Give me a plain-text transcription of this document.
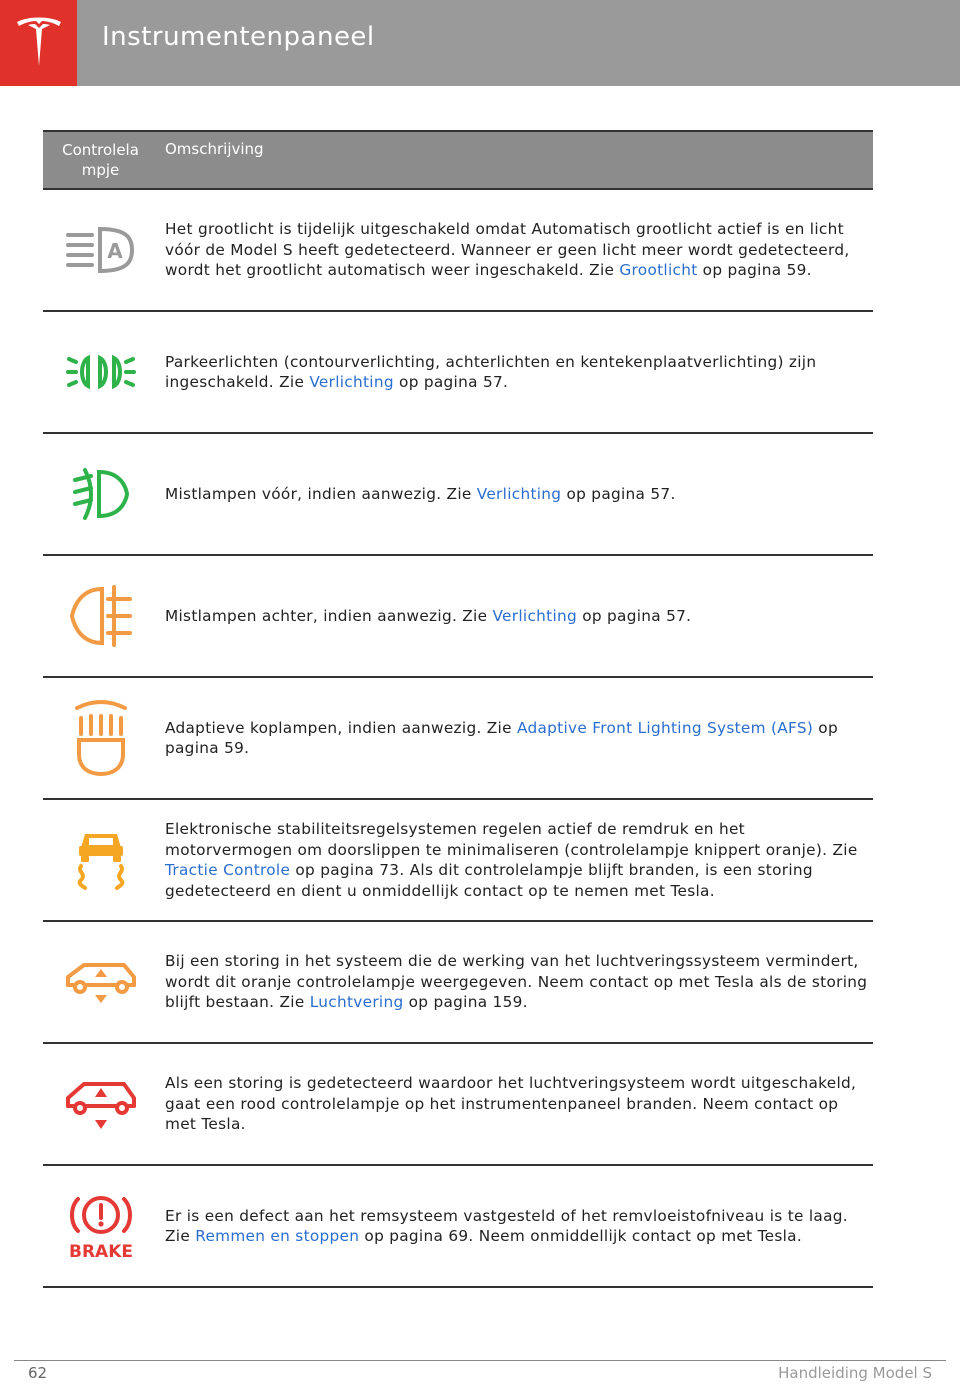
Instrumentenpaneel
Controlela
mpje
Omschrijving
A
Het grootlicht is tijdelijk uitgeschakeld omdat Automatisch grootlicht actief is en licht vóór de Model S heeft gedetecteerd. Wanneer er geen licht meer wordt gedetecteerd, wordt het grootlicht automatisch weer ingeschakeld. Zie Grootlicht op pagina 59.
Parkeerlichten (contourverlichting, achterlichten en kentekenplaatverlichting) zijn ingeschakeld. Zie Verlichting op pagina 57.
Mistlampen vóór, indien aanwezig. Zie Verlichting op pagina 57.
Mistlampen achter, indien aanwezig. Zie Verlichting op pagina 57.
Adaptieve koplampen, indien aanwezig. Zie Adaptive Front Lighting System (AFS) op pagina 59.
Elektronische stabiliteitsregelsystemen regelen actief de remdruk en het motorvermogen om doorslippen te minimaliseren (controlelampje knippert oranje). Zie Tractie Controle op pagina 73. Als dit controlelampje blijft branden, is een storing gedetecteerd en dient u onmiddellijk contact op te nemen met Tesla.
Bij een storing in het systeem die de werking van het luchtveringssysteem vermindert, wordt dit oranje controlelampje weergegeven. Neem contact op met Tesla als de storing blijft bestaan. Zie Luchtvering op pagina 159.
Als een storing is gedetecteerd waardoor het luchtveringsysteem wordt uitgeschakeld, gaat een rood controlelampje op het instrumentenpaneel branden. Neem contact op met Tesla.
BRAKE
Er is een defect aan het remsysteem vastgesteld of het remvloeistofniveau is te laag. Zie Remmen en stoppen op pagina 69. Neem onmiddellijk contact op met Tesla.
62	Handleiding Model S
